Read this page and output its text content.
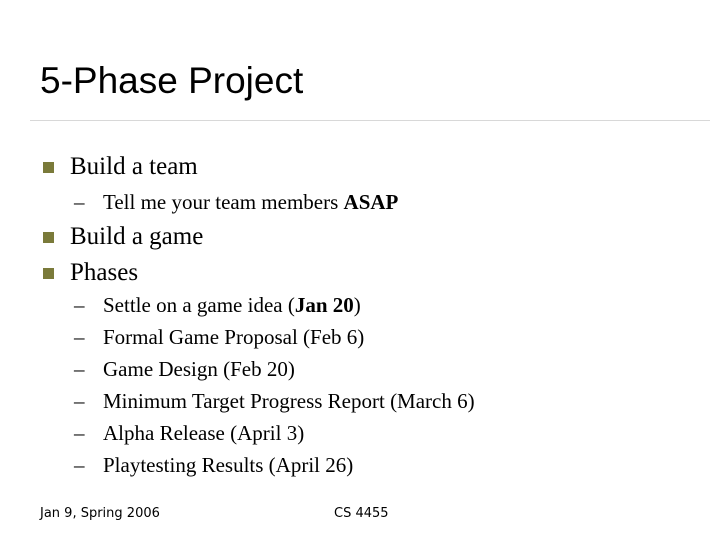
5-Phase Project
Build a team
– Tell me your team members ASAP
Build a game
Phases
– Settle on a game idea (Jan 20)
– Formal Game Proposal (Feb 6)
– Game Design (Feb 20)
– Minimum Target Progress Report (March 6)
– Alpha Release (April 3)
– Playtesting Results (April 26)
Jan 9, Spring 2006	CS 4455
